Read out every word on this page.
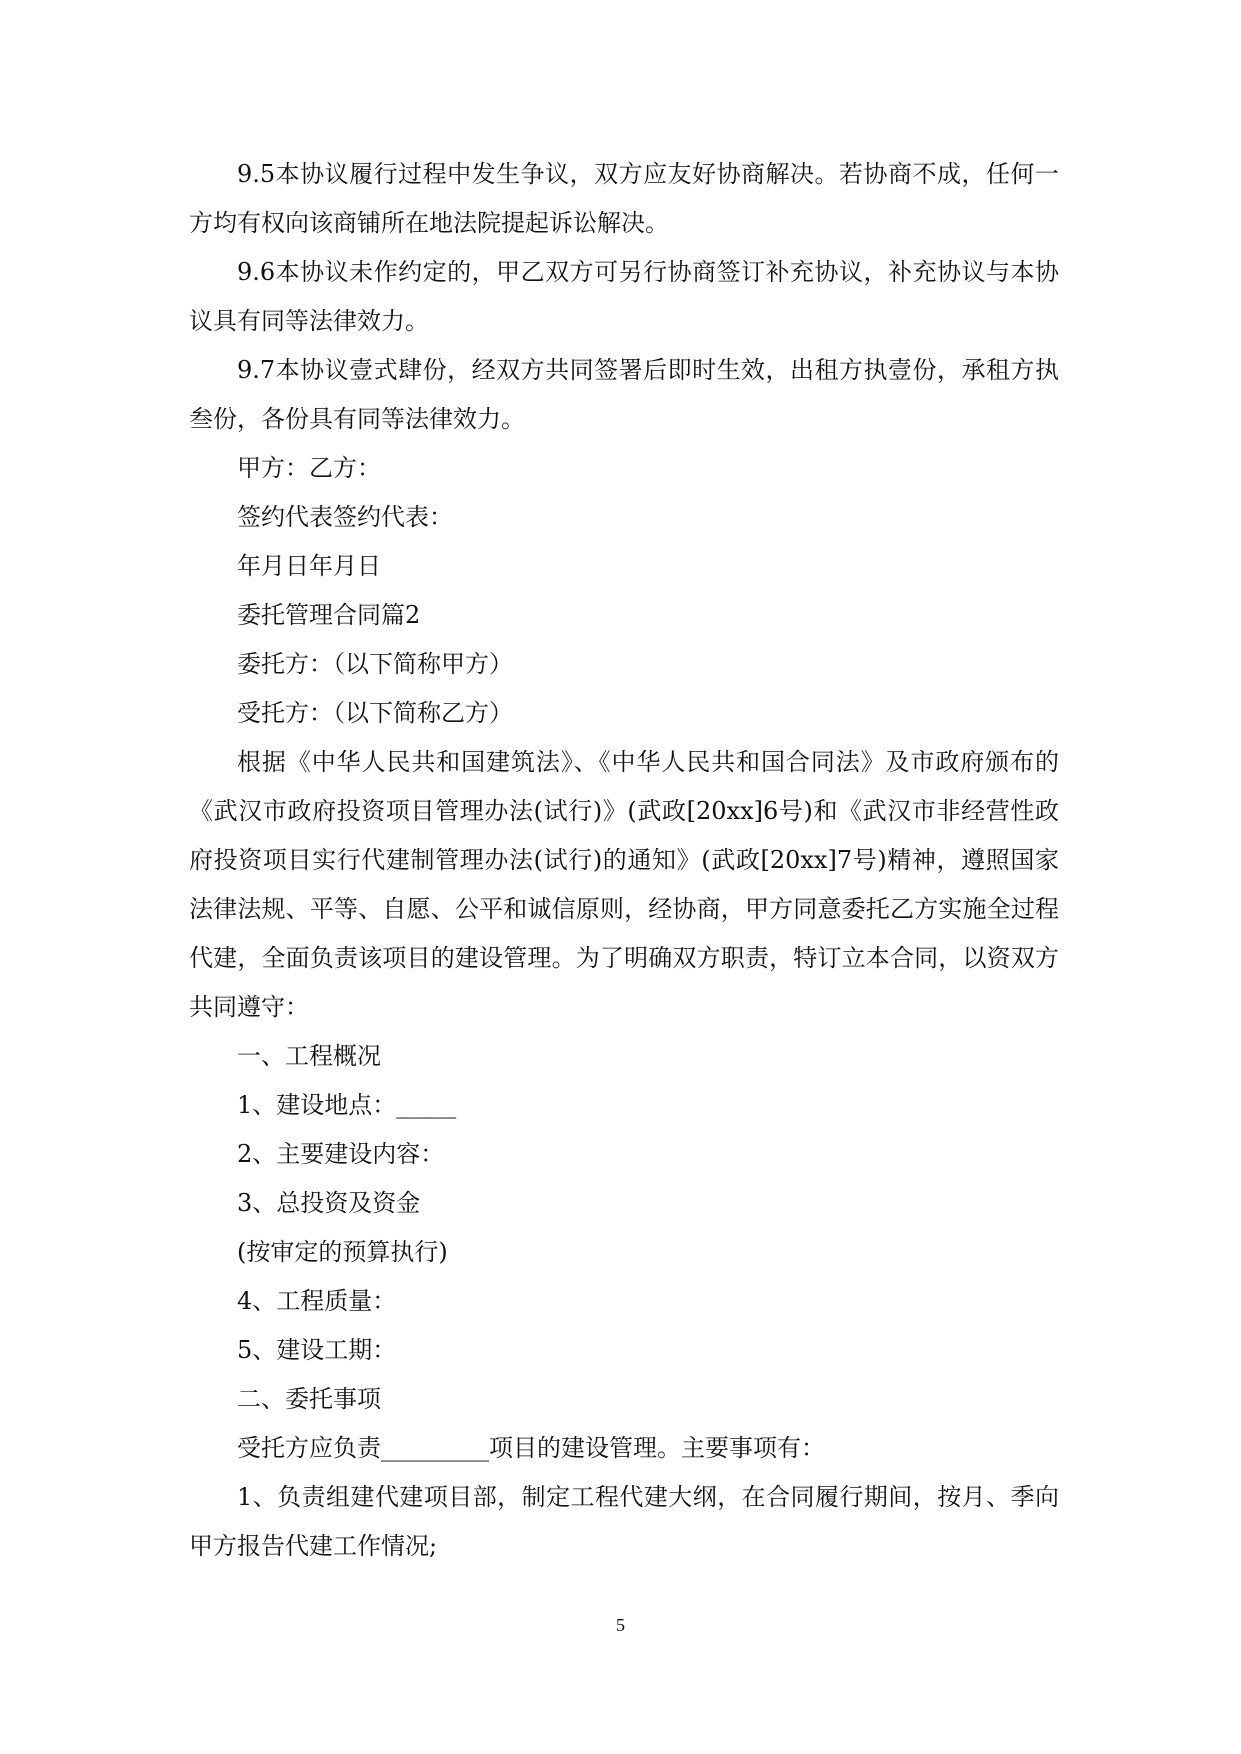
9.5本协议履行过程中发生争议，双方应友好协商解决。若协商不成，任何一方均有权向该商铺所在地法院提起诉讼解决。

9.6本协议未作约定的，甲乙双方可另行协商签订补充协议，补充协议与本协议具有同等法律效力。

9.7本协议壹式肆份，经双方共同签署后即时生效，出租方执壹份，承租方执叁份，各份具有同等法律效力。

甲方：乙方：

签约代表签约代表：

年月日年月日

委托管理合同篇2

委托方：（以下简称甲方）

受托方：（以下简称乙方）

根据《中华人民共和国建筑法》、《中华人民共和国合同法》及市政府颁布的《武汉市政府投资项目管理办法(试行)》(武政[20xx]6号)和《武汉市非经营性政府投资项目实行代建制管理办法(试行)的通知》(武政[20xx]7号)精神，遵照国家法律法规、平等、自愿、公平和诚信原则，经协商，甲方同意委托乙方实施全过程代建，全面负责该项目的建设管理。为了明确双方职责，特订立本合同，以资双方共同遵守：

一、工程概况

1、建设地点：_____

2、主要建设内容：

3、总投资及资金

(按审定的预算执行)

4、工程质量：

5、建设工期：

二、委托事项

受托方应负责_________项目的建设管理。主要事项有：

1、负责组建代建项目部，制定工程代建大纲，在合同履行期间，按月、季向甲方报告代建工作情况;

5
